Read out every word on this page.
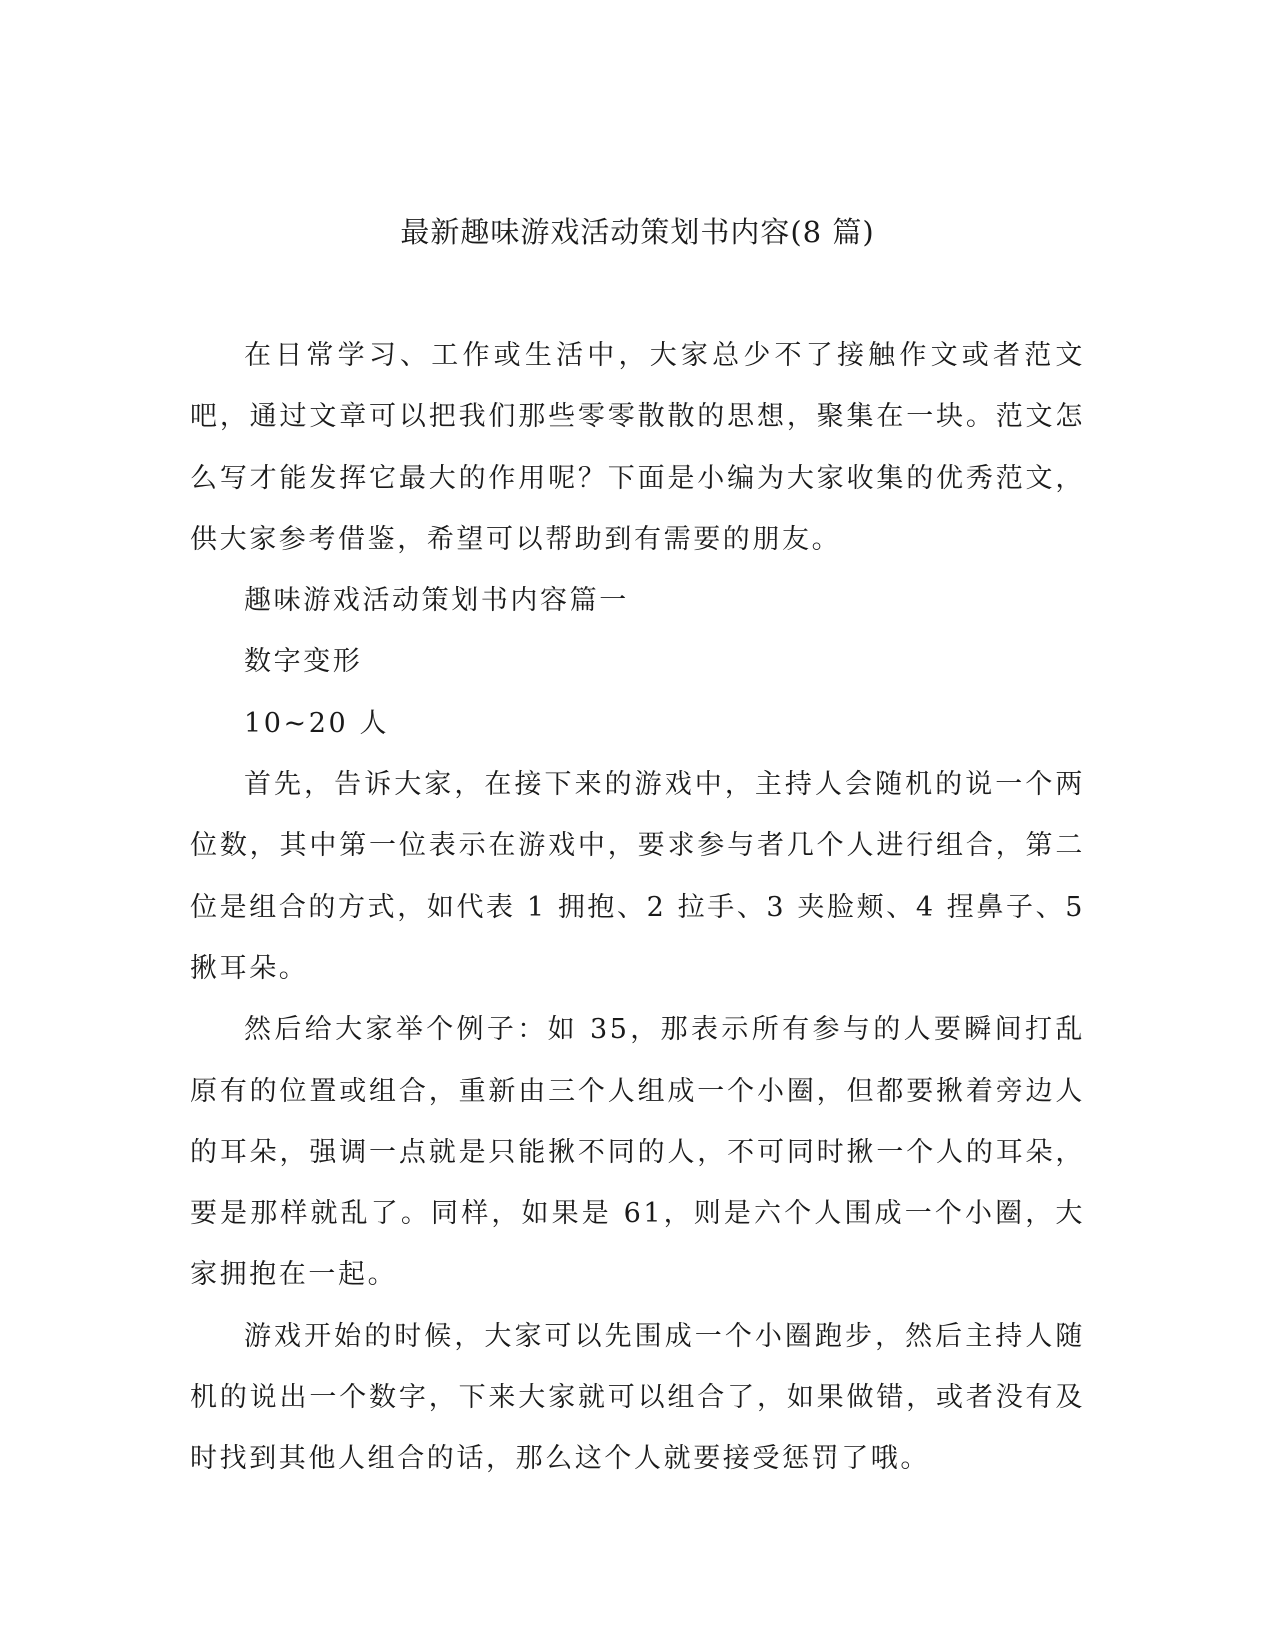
最新趣味游戏活动策划书内容(8 篇)

在日常学习、工作或生活中，大家总少不了接触作文或者范文吧，通过文章可以把我们那些零零散散的思想，聚集在一块。范文怎么写才能发挥它最大的作用呢？下面是小编为大家收集的优秀范文，供大家参考借鉴，希望可以帮助到有需要的朋友。

趣味游戏活动策划书内容篇一

数字变形

10~20 人

首先，告诉大家，在接下来的游戏中，主持人会随机的说一个两位数，其中第一位表示在游戏中，要求参与者几个人进行组合，第二位是组合的方式，如代表 1 拥抱、2 拉手、3 夹脸颊、4 捏鼻子、5 揪耳朵。

然后给大家举个例子：如 35，那表示所有参与的人要瞬间打乱原有的位置或组合，重新由三个人组成一个小圈，但都要揪着旁边人的耳朵，强调一点就是只能揪不同的人，不可同时揪一个人的耳朵，要是那样就乱了。同样，如果是 61，则是六个人围成一个小圈，大家拥抱在一起。

游戏开始的时候，大家可以先围成一个小圈跑步，然后主持人随机的说出一个数字，下来大家就可以组合了，如果做错，或者没有及时找到其他人组合的话，那么这个人就要接受惩罚了哦。
